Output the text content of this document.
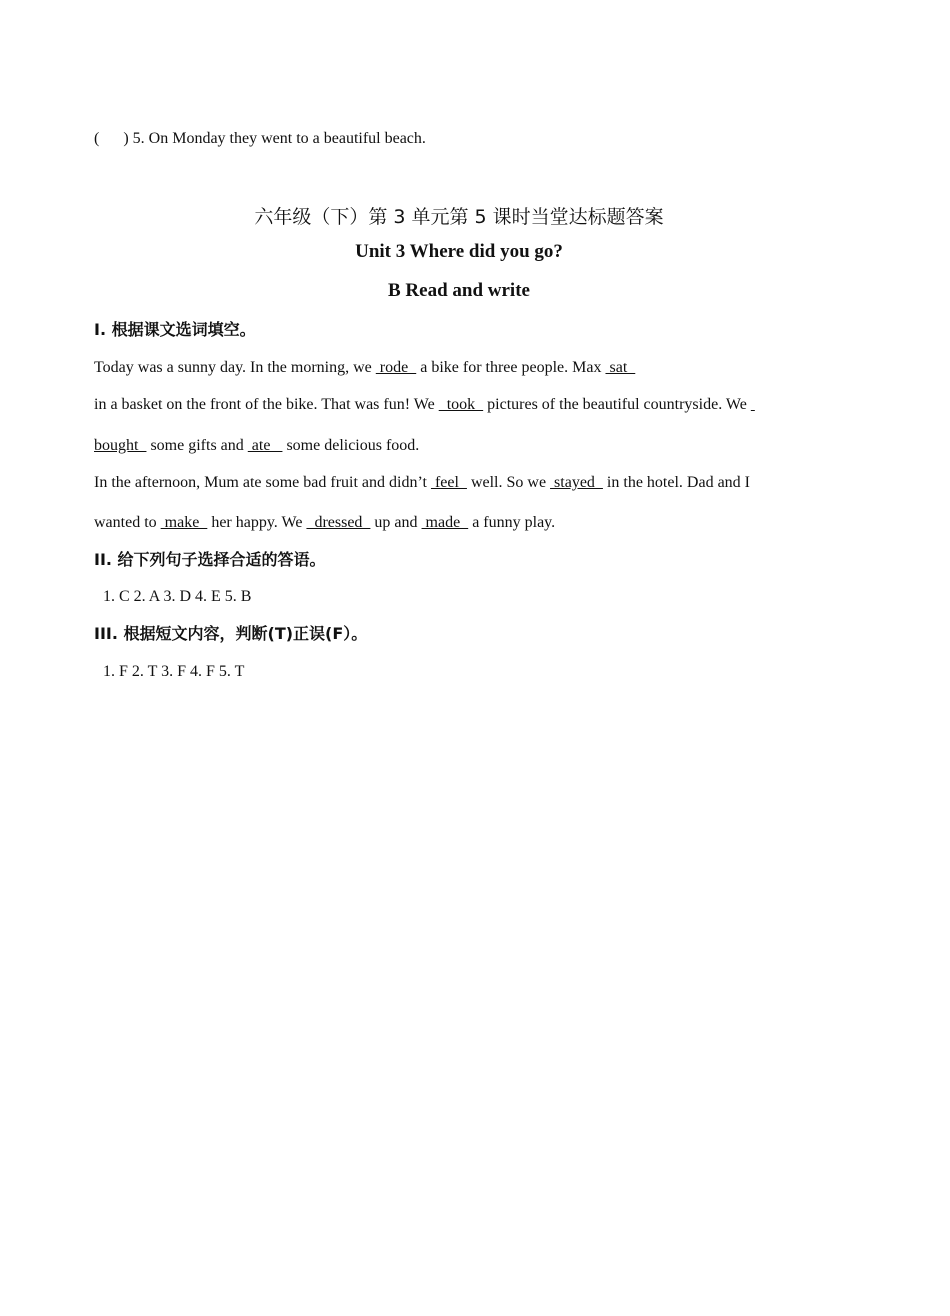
( ) 5. On Monday they went to a beautiful beach.
六年级（下）第 3 单元第 5 课时当堂达标题答案
Unit 3 Where did you go?
B Read and write
I. 根据课文选词填空。
Today was a sunny day. In the morning, we  rode   a bike for three people. Max  sat
in a basket on the front of the bike. That was fun! We   took   pictures of the beautiful countryside. We
bought   some gifts and  ate    some delicious food.
In the afternoon, Mum ate some bad fruit and didn’t  feel   well. So we  stayed   in the hotel. Dad and I
wanted to  make   her happy. We   dressed   up and  made   a funny play.
II. 给下列句子选择合适的答语。
1. C 2. A 3. D 4. E 5. B
III. 根据短文内容，判断(T)正误(F）。
1. F 2. T 3. F 4. F 5. T
